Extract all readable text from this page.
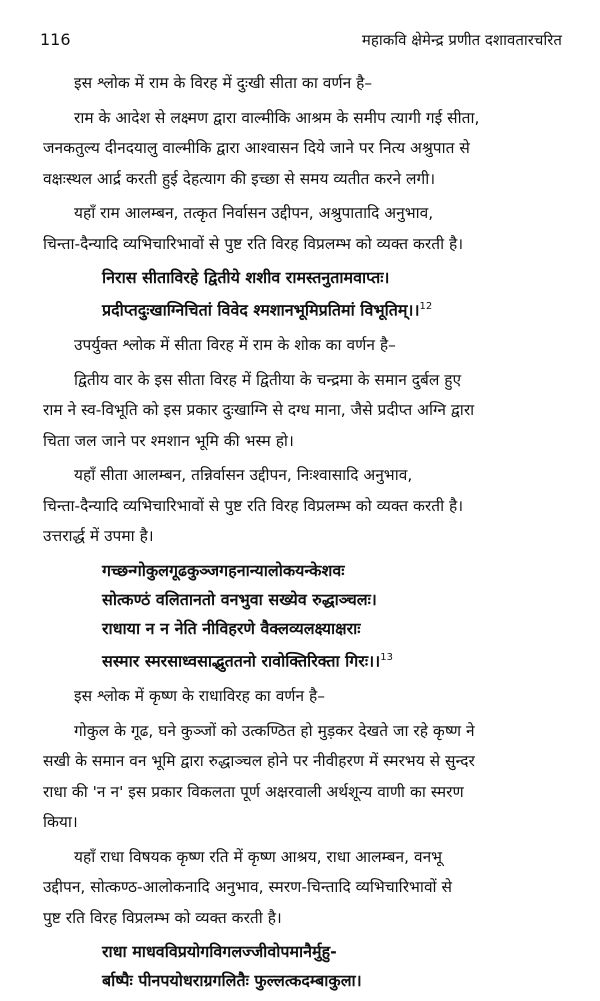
116	महाकवि क्षेमेन्द्र प्रणीत दशावतारचरित
इस श्लोक में राम के विरह में दुःखी सीता का वर्णन है–
राम के आदेश से लक्ष्मण द्वारा वाल्मीकि आश्रम के समीप त्यागी गई सीता,
जनकतुल्य दीनदयालु वाल्मीकि द्वारा आश्वासन दिये जाने पर नित्य अश्रुपात से
वक्षःस्थल आर्द्र करती हुई देहत्याग की इच्छा से समय व्यतीत करने लगी।
यहाँ राम आलम्बन, तत्कृत निर्वासन उद्दीपन, अश्रुपातादि अनुभाव,
चिन्ता-दैन्यादि व्यभिचारिभावों से पुष्ट रति विरह विप्रलम्भ को व्यक्त करती है।
निरास सीताविरहे द्वितीये शशीव रामस्तनुतामवाप्तः।
प्रदीप्तदुःखाग्निचितां विवेद श्मशानभूमिप्रतिमां विभूतिम्।।$^{12}$
उपर्युक्त श्लोक में सीता विरह में राम के शोक का वर्णन है–
द्वितीय वार के इस सीता विरह में द्वितीया के चन्द्रमा के समान दुर्बल हुए
राम ने स्व-विभूति को इस प्रकार दुःखाग्नि से दग्ध माना, जैसे प्रदीप्त अग्नि द्वारा
चिता जल जाने पर श्मशान भूमि की भस्म हो।
यहाँ सीता आलम्बन, तन्निर्वासन उद्दीपन, निःश्वासादि अनुभाव,
चिन्ता-दैन्यादि व्यभिचारिभावों से पुष्ट रति विरह विप्रलम्भ को व्यक्त करती है।
उत्तरार्द्ध में उपमा है।
गच्छन्गोकुलगूढकुञ्जगहनान्यालोकयन्केशवः
सोत्कण्ठं वलितानतो वनभुवा सख्येव रुद्धाञ्चलः।
राधाया न न नेति नीविहरणे वैक्लव्यलक्ष्याक्षराः
सस्मार स्मरसाध्वसाद्भुततनो रावोक्तिरिक्ता गिरः।।$^{13}$
इस श्लोक में कृष्ण के राधाविरह का वर्णन है–
गोकुल के गूढ, घने कुञ्जों को उत्कण्ठित हो मुड़कर देखते जा रहे कृष्ण ने
सखी के समान वन भूमि द्वारा रुद्धाञ्चल होने पर नीवीहरण में स्मरभय से सुन्दर
राधा की 'न न' इस प्रकार विकलता पूर्ण अक्षरवाली अर्थशून्य वाणी का स्मरण
किया।
यहाँ राधा विषयक कृष्ण रति में कृष्ण आश्रय, राधा आलम्बन, वनभू
उद्दीपन, सोत्कण्ठ-आलोकनादि अनुभाव, स्मरण-चिन्तादि व्यभिचारिभावों से
पुष्ट रति विरह विप्रलम्भ को व्यक्त करती है।
राधा माधवविप्रयोगविगलज्जीवोपमानैर्मुहु-
र्बाष्पैः पीनपयोधराग्रगलितैः फुल्लत्कदम्बाकुला।
